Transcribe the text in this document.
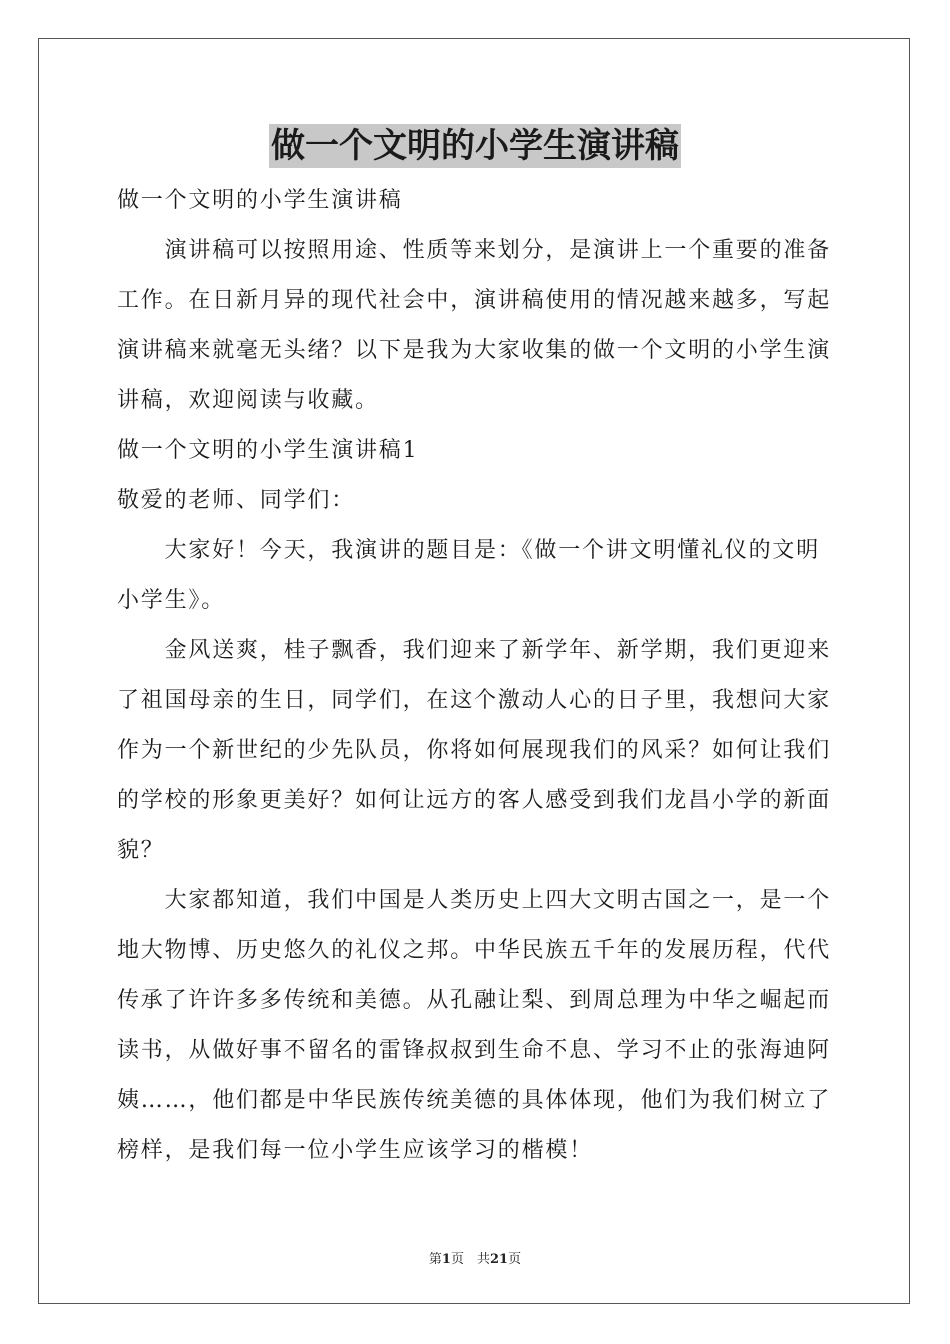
做一个文明的小学生演讲稿
做一个文明的小学生演讲稿
　　演讲稿可以按照用途、性质等来划分，是演讲上一个重要的准备
工作。在日新月异的现代社会中，演讲稿使用的情况越来越多，写起
演讲稿来就毫无头绪？以下是我为大家收集的做一个文明的小学生演
讲稿，欢迎阅读与收藏。
做一个文明的小学生演讲稿1
敬爱的老师、同学们：
　　大家好！今天，我演讲的题目是：《做一个讲文明懂礼仪的文明
小学生》。
　　金风送爽，桂子飘香，我们迎来了新学年、新学期，我们更迎来
了祖国母亲的生日，同学们，在这个激动人心的日子里，我想问大家
作为一个新世纪的少先队员，你将如何展现我们的风采？如何让我们
的学校的形象更美好？如何让远方的客人感受到我们龙昌小学的新面
貌？
　　大家都知道，我们中国是人类历史上四大文明古国之一，是一个
地大物博、历史悠久的礼仪之邦。中华民族五千年的发展历程，代代
传承了许许多多传统和美德。从孔融让梨、到周总理为中华之崛起而
读书，从做好事不留名的雷锋叔叔到生命不息、学习不止的张海迪阿
姨……，他们都是中华民族传统美德的具体体现，他们为我们树立了
榜样，是我们每一位小学生应该学习的楷模！
第1页　共21页
